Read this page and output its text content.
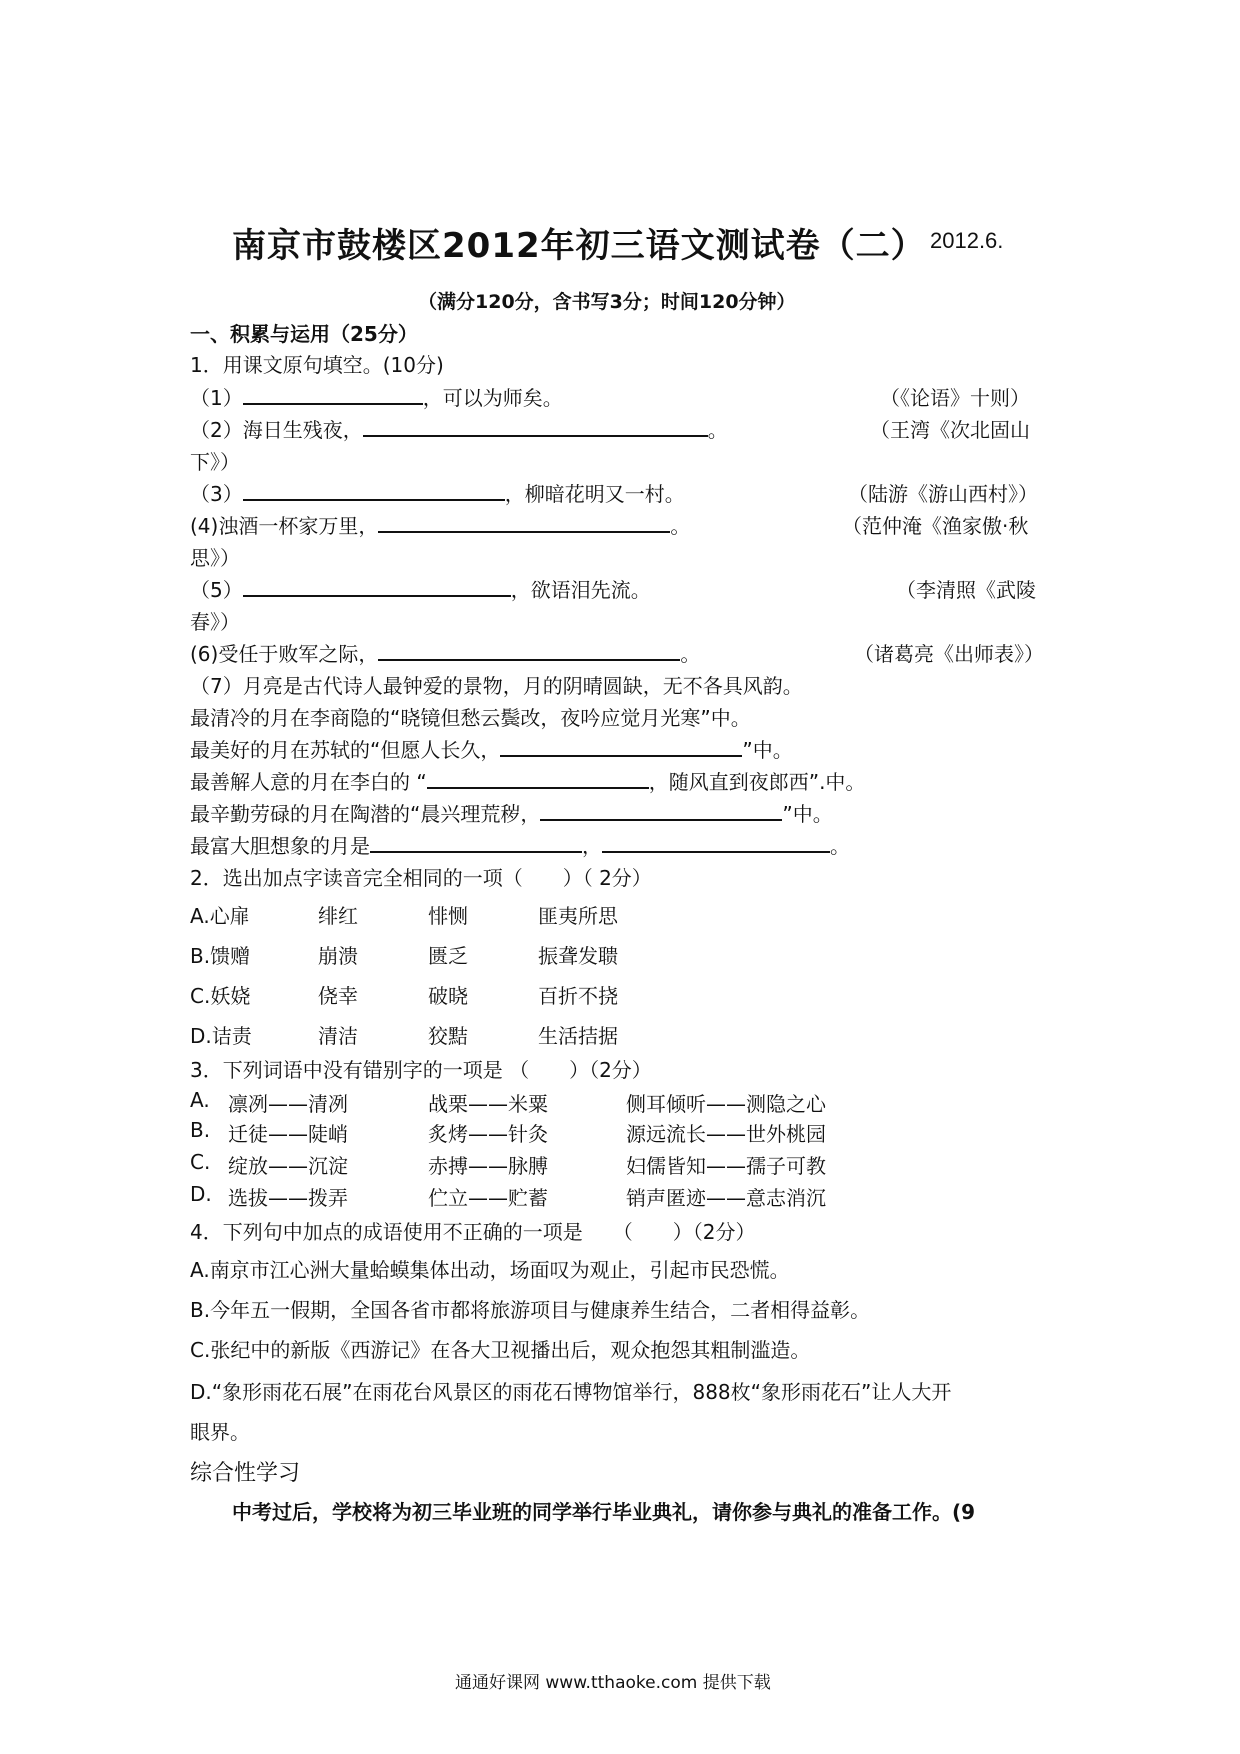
南京市鼓楼区2012年初三语文测试卷（二） 2012.6.
（满分120分，含书写3分；时间120分钟）
一、积累与运用（25分）
1．用课文原句填空。(10分)
（1）	，可以为师矣。	（《论语》十则）
（2）海日生残夜，	。	（王湾《次北固山
下》）
（3）	，柳暗花明又一村。	（陆游《游山西村》）
(4)浊酒一杯家万里，	。	（范仲淹《渔家傲·秋
思》）
（5）	，欲语泪先流。	（李清照《武陵
春》）
(6)受任于败军之际，	。	（诸葛亮《出师表》）
（7）月亮是古代诗人最钟爱的景物，月的阴晴圆缺，无不各具风韵。
最清冷的月在李商隐的“晓镜但愁云鬓改，夜吟应觉月光寒”中。
最美好的月在苏轼的“但愿人长久，	”中。
最善解人意的月在李白的 “	，随风直到夜郎西”.中。
最辛勤劳碌的月在陶潜的“晨兴理荒秽，	”中。
最富大胆想象的月是	，	。
2．选出加点字读音完全相同的一项（　　）（ 2分）
A.心扉	绯红	悱恻	匪夷所思
B.馈赠	崩溃	匮乏	振聋发聩
C.妖娆	侥幸	破晓	百折不挠
D.诘责	清洁	狡黠	生活拮据
3．下列词语中没有错别字的一项是 （　　）（2分）
A. 凛冽——清冽	战栗——米粟	侧耳倾听——测隐之心
B. 迁徒——陡峭	炙烤——针灸	源远流长——世外桃园
C. 绽放——沉淀	赤搏——脉膊	妇儒皆知——孺子可教
D. 选拔——拨弄	伫立——贮蓄	销声匿迹——意志消沉
4．下列句中加点的成语使用不正确的一项是　　（　　）（2分）
A.南京市江心洲大量蛤蟆集体出动，场面叹为观止，引起市民恐慌。
B.今年五一假期，全国各省市都将旅游项目与健康养生结合，二者相得益彰。
C.张纪中的新版《西游记》在各大卫视播出后，观众抱怨其粗制滥造。
D.“象形雨花石展”在雨花台风景区的雨花石博物馆举行，888枚“象形雨花石”让人大开
眼界。
综合性学习
中考过后，学校将为初三毕业班的同学举行毕业典礼，请你参与典礼的准备工作。(9
通通好课网 www.tthaoke.com 提供下载
